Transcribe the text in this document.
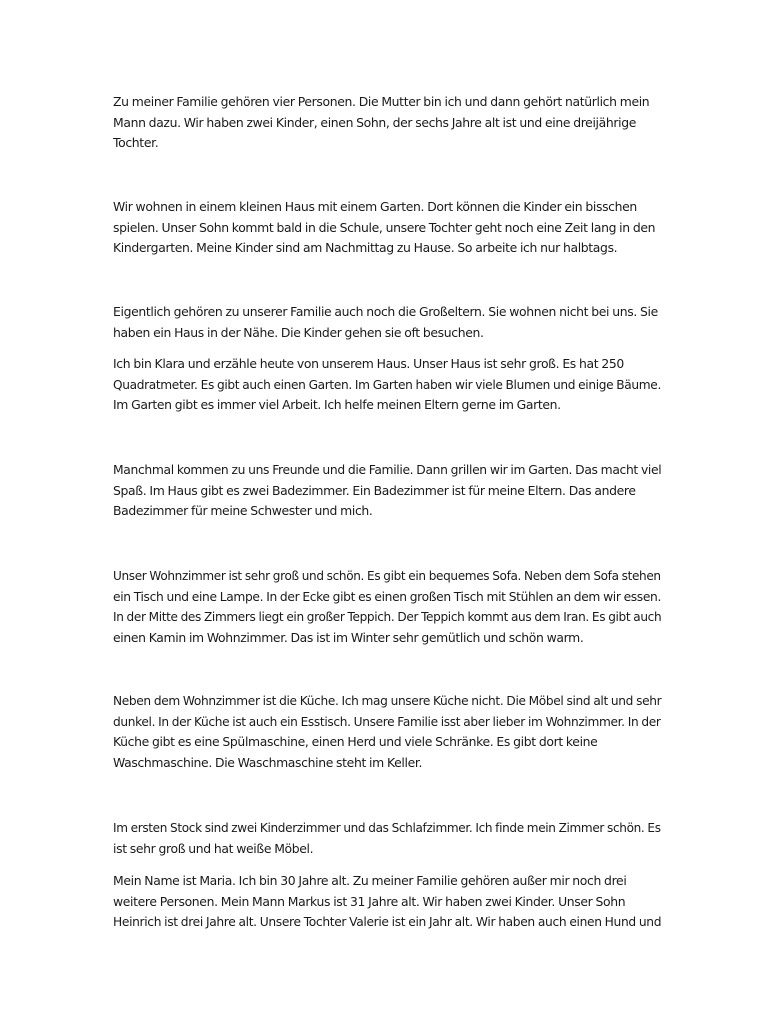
Zu meiner Familie gehören vier Personen. Die Mutter bin ich und dann gehört natürlich mein
Mann dazu. Wir haben zwei Kinder, einen Sohn, der sechs Jahre alt ist und eine dreijährige
Tochter.

Wir wohnen in einem kleinen Haus mit einem Garten. Dort können die Kinder ein bisschen
spielen. Unser Sohn kommt bald in die Schule, unsere Tochter geht noch eine Zeit lang in den
Kindergarten. Meine Kinder sind am Nachmittag zu Hause. So arbeite ich nur halbtags.

Eigentlich gehören zu unserer Familie auch noch die Großeltern. Sie wohnen nicht bei uns. Sie
haben ein Haus in der Nähe. Die Kinder gehen sie oft besuchen.

Ich bin Klara und erzähle heute von unserem Haus. Unser Haus ist sehr groß. Es hat 250
Quadratmeter. Es gibt auch einen Garten. Im Garten haben wir viele Blumen und einige Bäume.
Im Garten gibt es immer viel Arbeit. Ich helfe meinen Eltern gerne im Garten.

Manchmal kommen zu uns Freunde und die Familie. Dann grillen wir im Garten. Das macht viel
Spaß. Im Haus gibt es zwei Badezimmer. Ein Badezimmer ist für meine Eltern. Das andere
Badezimmer für meine Schwester und mich.

Unser Wohnzimmer ist sehr groß und schön. Es gibt ein bequemes Sofa. Neben dem Sofa stehen
ein Tisch und eine Lampe. In der Ecke gibt es einen großen Tisch mit Stühlen an dem wir essen.
In der Mitte des Zimmers liegt ein großer Teppich. Der Teppich kommt aus dem Iran. Es gibt auch
einen Kamin im Wohnzimmer. Das ist im Winter sehr gemütlich und schön warm.

Neben dem Wohnzimmer ist die Küche. Ich mag unsere Küche nicht. Die Möbel sind alt und sehr
dunkel. In der Küche ist auch ein Esstisch. Unsere Familie isst aber lieber im Wohnzimmer. In der
Küche gibt es eine Spülmaschine, einen Herd und viele Schränke. Es gibt dort keine
Waschmaschine. Die Waschmaschine steht im Keller.

Im ersten Stock sind zwei Kinderzimmer und das Schlafzimmer. Ich finde mein Zimmer schön. Es
ist sehr groß und hat weiße Möbel.

Mein Name ist Maria. Ich bin 30 Jahre alt. Zu meiner Familie gehören außer mir noch drei
weitere Personen. Mein Mann Markus ist 31 Jahre alt. Wir haben zwei Kinder. Unser Sohn
Heinrich ist drei Jahre alt. Unsere Tochter Valerie ist ein Jahr alt. Wir haben auch einen Hund und
